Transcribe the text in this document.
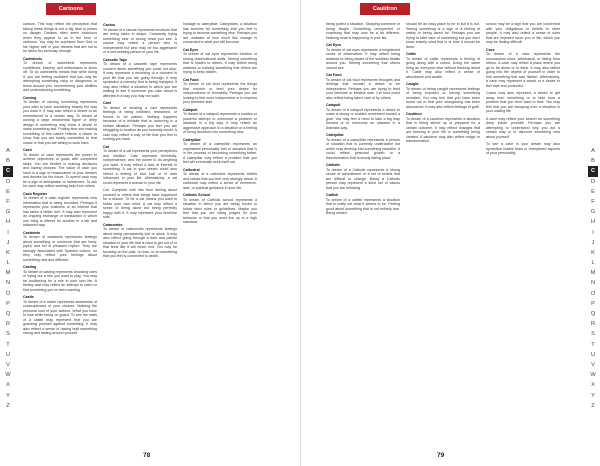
Cartoons

cartoon. This may reflect the perception that taking these things is not a big deal or poses no danger. Dreams often seem ridiculous when they appear to us in the form of cartoons. You may be surprised from God or his 'higher self' in your dreams that are not to be taken too seriously enough.

Cartwheels
To dream of cartwheels represents confidence, bravery, and enthusiasm to show off. To do cartwheels means that while doing it, you are feeling confident that you may be attempting something risky or dangerous to those around you, remembering your abilities and understanding something.

Carving
To dream of carving something represents your wish to have something exactly the way you want it. It may also reflect a desire to be remembered in a certain way. To dream of carving a large ornamental figure or deep design in something may show a desire to make something last. Putting time into making something of this nature reflects a desire to show that you are totally committed to that cause or that you are willing to work hard.

Cash
To dream of cash represents the power to achieve objectives or goals with completed tasks. You are flexible in making decisions and having choices. The value of cash you have is a sign of reassurance of your dreams and desires for the future. To spend cash may be a sign of anticipation or investment. To ask for cash may reflect seeking help from others.

Cash Register
To dream of a cash register represents new information that is being recorded. Perhaps it represents your business or an interest that has taken a better turn. It may also represent an ongoing exchange or transaction in which one thing is offered for another in a fair and balanced way.

Castanets
To dream of castanets represents feelings about something or someone that are lively, joyful, and full of pleasant rhythm. They are strongly associated with Spanish culture, so they may reflect your feelings about something new and different.

Casting
To dream of casting represents choosing roles or trying out a role you want to play. You may be auditioning for a role in your own life. A fishing cast may reflect an attempt to catch or find something you've been wanting.

Castle
To dream of a castle represents awareness of consequences of your choices. Noticing the personal cost of your actions. What you have to lose while being on guard. To see the walls of a castle may represent that you are guarding yourself against something. It may also reflect a sense of having built something strong and lasting around yourself.

Cactus
To dream of a cactus represents emotions that are being taken in shape. Constantly trying something new or wrong what you see. A cactus may reflect a person who is independent but who may be too aggressive or a self-seeking person in your life.

Cassette Tape
To dream of a cassette tape represents concern about something you could not stop. It may represent a recording of a moment in your life that you are going through. It may symbolize a memory that is being replayed. It may also reflect a situation in which you are waiting to see if someone you care about is affected in a way you may not want.

Cast
To dream of wearing a cast represents feelings of being inhibited, restrained, or forced to be patient. Nothing happens because of a mistake that is occurring in a certain situation. Perhaps you feel you are struggling to function as you normally would. A cast may reflect a way of life that you feel is holding you back.

Cat
To dream of a cat represents your perceptions and intuition. Cats represent femininity, independence, and the power to do anything you want. It may reflect a lack of interest in something. A cat in your dream could also reflect a feeling of bad luck or of dark influences in your life. Alternatively, a cat could represent a woman in your life.

Cat: Complete with info from feeling about yourself or others that things have happened for a reason. To be a cat means you want to follow your own mind. A cat may reflect a sense of being alone but being perfectly happy with it. It may represent your feminine side.

Catacombs
To dream of catacombs represents feelings about being permanently lost or stuck. It may also reflect going through a dark and painful situation in your life that is hard to get out of or that feels like it will never end. You may be focusing on the past, on loss, or on something that you feel is connected to death.

hostage to caterpillar; Caterpillars, a situation has become for something that you feel is trying to become something else. Perhaps you are unaware of how much this change is connected to what you will become.

Cat Eyes
To dream of cat eyes represents intuition or strong observational skills. Seeing something that is hidden to others. It may reflect being watched or noticing something that others are trying to keep hidden.

Cat Food
To dream of cat food represents the things that nourish or feed your desire for independence or femininity. Perhaps you are looking to feel more independent or to express your feminine side.

Catapult
To dream of a catapult represents a sudden or powerful attempt to overcome a problem or obstacle in a big way. It may reflect an aggressive approach to a situation or a feeling of being launched into something new.

Caterpillar
To dream of a caterpillar represents an unpleasant personality trait or situation that is in the process of becoming something better. A caterpillar may reflect a problem that you feel will eventually work itself out.

Cathedral
To dream of a cathedral represents beliefs and values that you feel very strongly about. A cathedral may reflect a sense of reverence, awe, or spiritual guidance in your life.

Catholic School
To dream of Catholic school represents a situation in which you are being forced to follow strict rules or guidelines. Maybe you feel that you are being judged for your behavior or that you must live up to a high standard.

A
B
C
D
E
F
G
H
I
J
K
L
M
N
O
P
Q
R
S
T
U
V
W
X
Y
Z
78
Cauldron

being pulled a situation. Studying someone or being taught. Something unexpected or surprising that may now be a bit different. Noticing what is happening in your life.

Cat Eyes
To dream of cat eyes represents a heightened sense of observation. It may reflect being watched or being aware of the smallest details around you. Seeing something that others cannot see.

Cat Food
To dream of cat food represents thoughts and feelings that nourish a desire to be independent. Perhaps you are trying to feed your feminine or intuitive side. Cat food could also reflect being taken care of by others.

Catapult
To dream of a catapult represents a desire to make a strong or sudden movement toward a goal. You may feel a need to take a big leap forward or to overcome an obstacle in a dramatic way.

Caterpillar
To dream of a caterpillar represents a person or situation that is currently unattractive but which may develop into something beautiful. It could reflect personal growth or a transformation that is slowly taking place.

Catholic
To dream of a Catholic represents a strong sense of commitment or a set of beliefs that are difficult to change. Being a Catholic person may represent a strict set of values that you are following.

Catfish
To dream of a catfish represents a situation that is really not what it seems to be. Feeling good about something that is not entirely true. Being misled.

should be an easy place to be in but it is not. Seeing something is a sign of a feeling of safety or being cared for. Perhaps you are trying to take care of something but you don't know exactly what that is or how it should be done.

Cattle
To dream of cattle represents a feeling of going along with a crowd. Doing the same thing as everyone else without thinking about it. Cattle may also reflect a sense of abundance and wealth.

Caught
To dream of being caught represents feelings of being exposed or having something revealed. You may feel that you have been found out or that your wrongdoing has been discovered. It may also reflect feelings of guilt.

Cauldron
To dream of a cauldron represents a situation that is being stirred up or prepared for a certain outcome. It may reflect changes that are brewing in your life or something being created. A cauldron may also reflect magic or transformation.

school may be a sign that you are concerned with your obligations or beliefs to other people. It may also reflect a sense of rules that are imposed upon you in life, which you may be finding difficult.

Cave
To dream of a cave represents the unconscious mind, withdrawal, or hiding from others. A cave may reflect a place where you go to be alone or to think. It may also reflect going into the depths of yourself in order to find something that was hidden. Alternatively, a cave may represent a womb or a desire to feel safe and protected.

Caves may also represent a desire to get away from something or to hide from a problem that you don't want to face. You may feel that you are escaping from a situation in your waking life.

A cave may reflect your search for something deep inside yourself. Perhaps you are attempting to understand why you act a certain way or to discover something new about yourself.

To see a cave in your dream may also symbolize hidden fears or unexplored aspects of your personality.	A
B
C
D
E
F
G
H
I
J
K
L
M
N
O
P
Q
R
S
T
U
V
W
X
Y
Z
79
